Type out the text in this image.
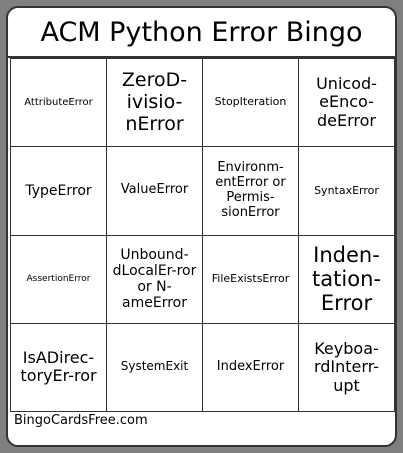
ACM Python Error Bingo
AttributeError
ZeroD-ivisio-nError
StopIteration
Unicod-eEnco-deError
TypeError	ValueError
Environm-entError or Permis-sionError
SyntaxError
AssertionError
Unbound-dLocalEr-ror or N-ameError
FileExistsError
Inden-tation-Error
IsADirec-toryEr-ror	SystemExit	IndexError
Keyboa-rdInterr-upt
BingoCardsFree.com
